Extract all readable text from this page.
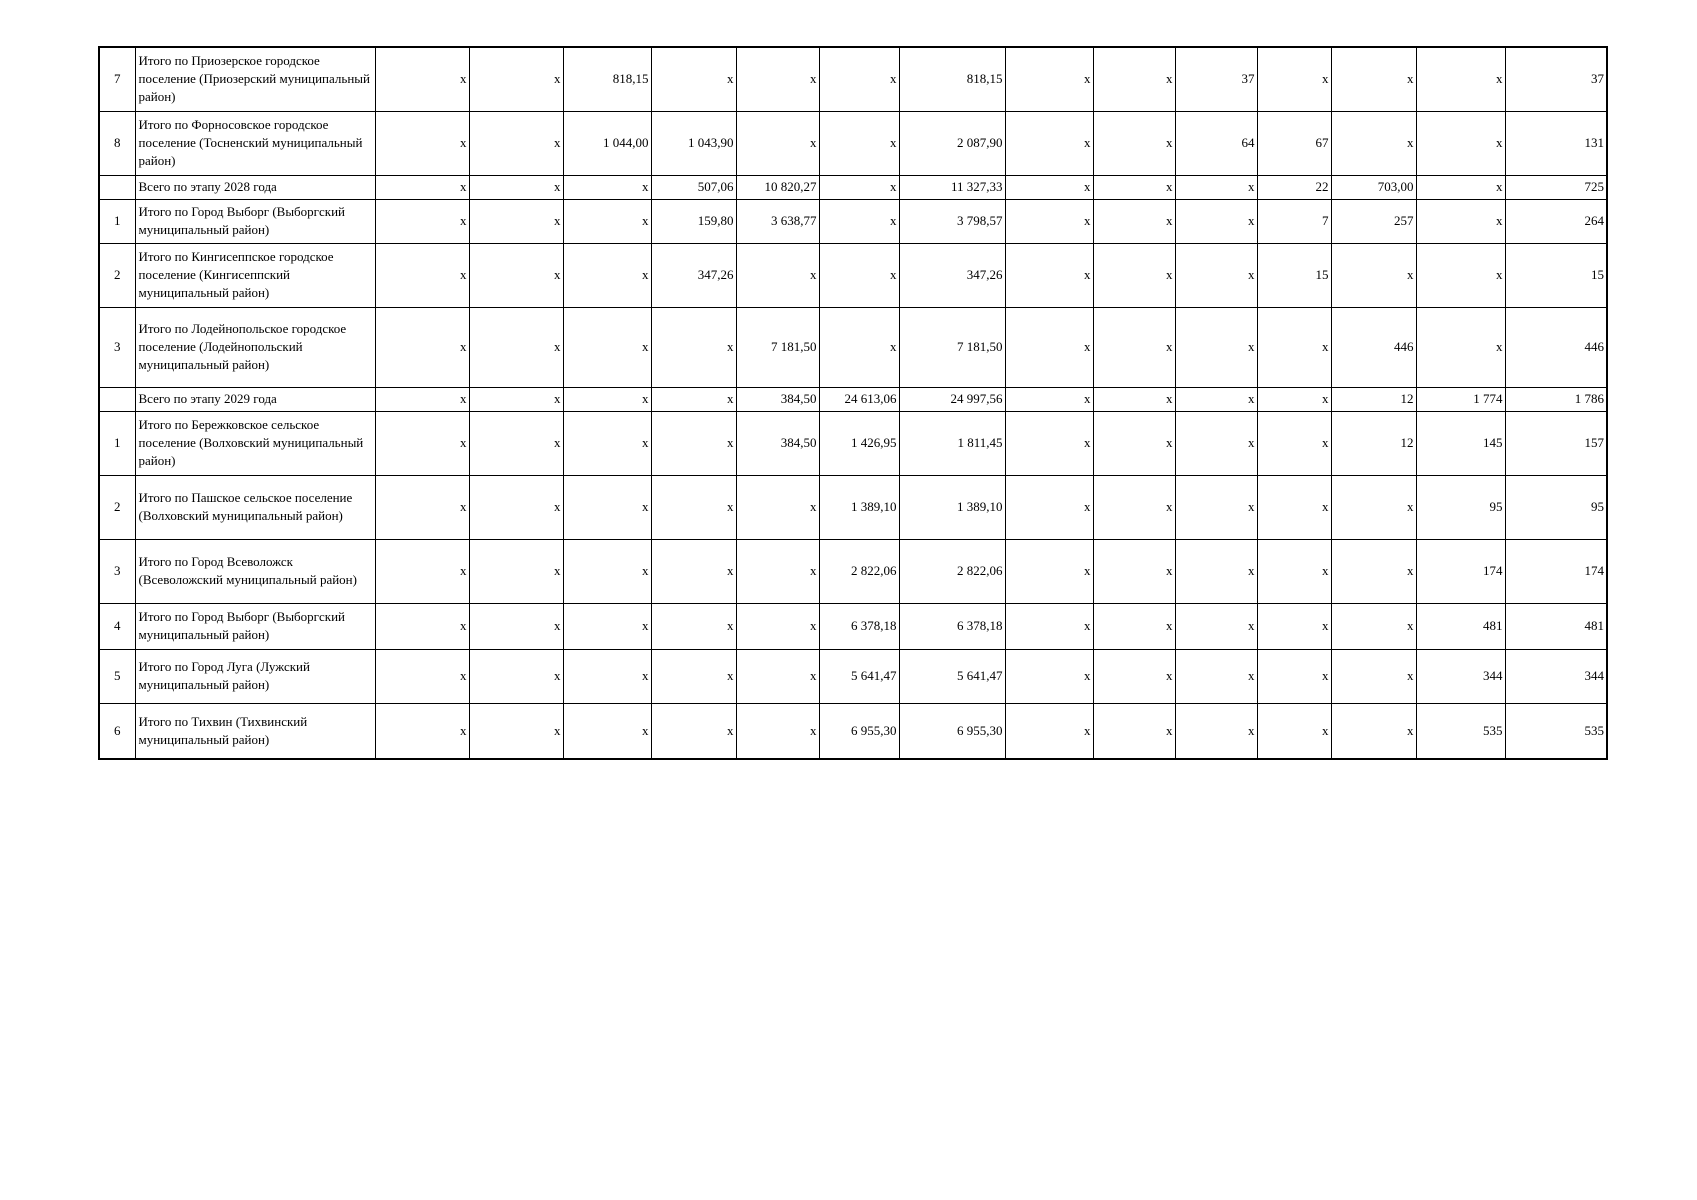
7	Итого по Приозерское городское поселение (Приозерский муниципальный район)	x	x	818,15	x	x	x	818,15	x	x	37	x	x	x	37
8	Итого по Форносовское городское поселение (Тосненский муниципальный район)	x	x	1 044,00	1 043,90	x	x	2 087,90	x	x	64	67	x	x	131
	Всего по этапу 2028 года	x	x	x	507,06	10 820,27	x	11 327,33	x	x	x	22	703,00	x	725
1	Итого по Город Выборг (Выборгский муниципальный район)	x	x	x	159,80	3 638,77	x	3 798,57	x	x	x	7	257	x	264
2	Итого по Кингисеппское городское поселение (Кингисеппский муниципальный район)	x	x	x	347,26	x	x	347,26	x	x	x	15	x	x	15
3	Итого по Лодейнопольское городское поселение (Лодейнопольский муниципальный район)	x	x	x	x	7 181,50	x	7 181,50	x	x	x	x	446	x	446
	Всего по этапу 2029 года	x	x	x	x	384,50	24 613,06	24 997,56	x	x	x	x	12	1 774	1 786
1	Итого по Бережковское сельское поселение (Волховский муниципальный район)	x	x	x	x	384,50	1 426,95	1 811,45	x	x	x	x	12	145	157
2	Итого по Пашское сельское поселение (Волховский муниципальный район)	x	x	x	x	x	1 389,10	1 389,10	x	x	x	x	x	95	95
3	Итого по Город Всеволожск (Всеволожский муниципальный район)	x	x	x	x	x	2 822,06	2 822,06	x	x	x	x	x	174	174
4	Итого по Город Выборг (Выборгский муниципальный район)	x	x	x	x	x	6 378,18	6 378,18	x	x	x	x	x	481	481
5	Итого по Город Луга (Лужский муниципальный район)	x	x	x	x	x	5 641,47	5 641,47	x	x	x	x	x	344	344
6	Итого по Тихвин (Тихвинский муниципальный район)	x	x	x	x	x	6 955,30	6 955,30	x	x	x	x	x	535	535
